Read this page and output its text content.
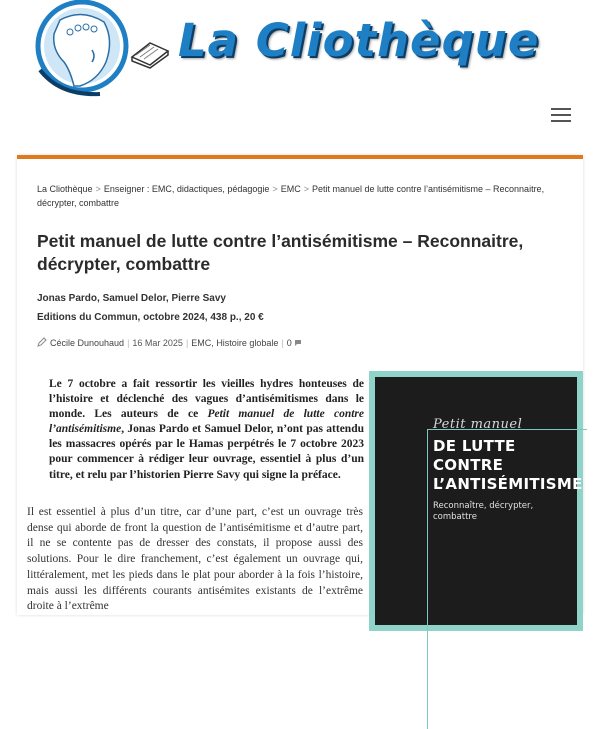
La Cliothèque
La Cliothèque > Enseigner : EMC, didactiques, pédagogie > EMC > Petit manuel de lutte contre l’antisémitisme – Reconnaitre, décrypter, combattre
Petit manuel de lutte contre l’antisémitisme – Reconnaitre, décrypter, combattre
Jonas Pardo, Samuel Delor, Pierre Savy
Editions du Commun, octobre 2024, 438 p., 20 €
Cécile Dunouhaud | 16 Mar 2025 | EMC, Histoire globale | 0

Le 7 octobre a fait ressortir les vieilles hydres honteuses de l’histoire et déclenché des vagues d’antisémitismes dans le monde. Les auteurs de ce Petit manuel de lutte contre l’antisémitisme, Jonas Pardo et Samuel Delor, n’ont pas attendu les massacres opérés par le Hamas perpétrés le 7 octobre 2023 pour commencer à rédiger leur ouvrage, essentiel à plus d’un titre, et relu par l’historien Pierre Savy qui signe la préface.

Il est essentiel à plus d’un titre, car d’une part, c’est un ouvrage très dense qui aborde de front la question de l’antisémitisme et d’autre part, il ne se contente pas de dresser des constats, il propose aussi des solutions. Pour le dire franchement, c’est également un ouvrage qui, littéralement, met les pieds dans le plat pour aborder à la fois l’histoire, mais aussi les différents courants antisémites existants de l’extrême droite à l’extrême

Petit manuel
DE LUTTE
CONTRE
L’ANTISÉMITISME
Reconnaître, décrypter,
combattre
